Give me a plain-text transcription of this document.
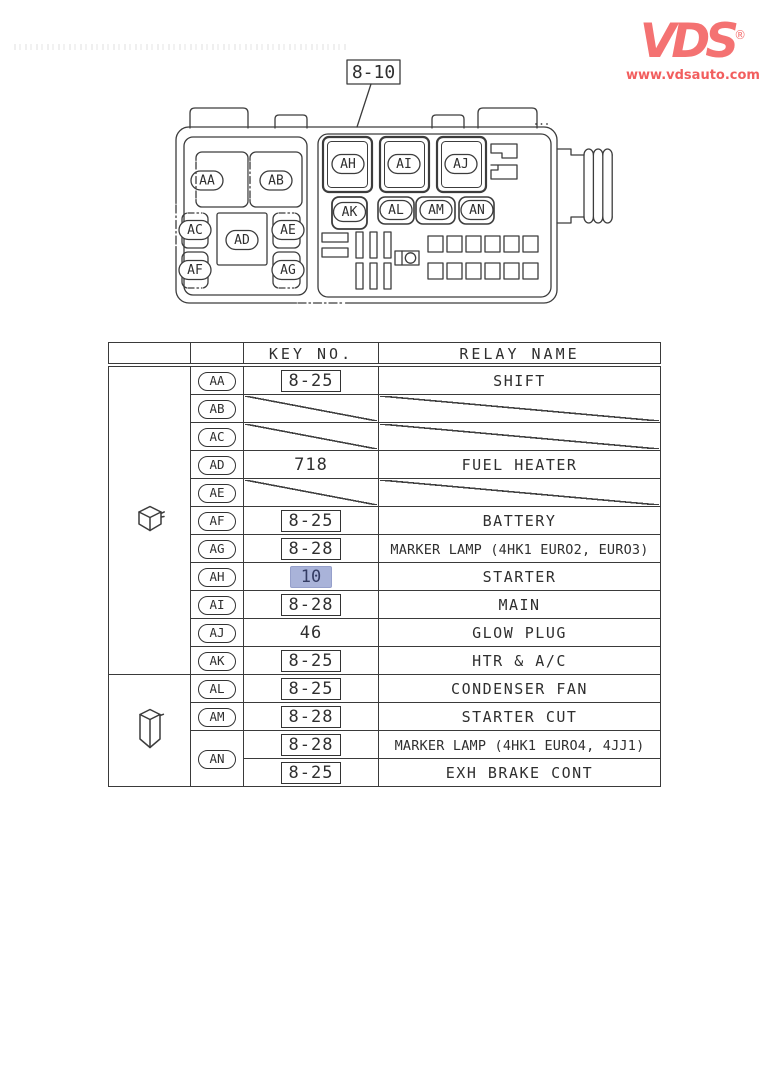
VDS®
www.vdsauto.com
AA	AB
AC
AF
AD
AE
AG
AH	AI	AJ
AK AL AM AN
8-10
		KEY NO.	RELAY NAME
	AA	8-25	SHIFT
	AB	

	AC	

	AD	718	FUEL HEATER
	AE	

	AF	8-25	BATTERY
	AG	8-28	MARKER LAMP (4HK1 EURO2, EURO3)
	AH	10	STARTER
	AI	8-28	MAIN
	AJ	46	GLOW PLUG
	AK	8-25	HTR & A/C
	AL	8-25	CONDENSER FAN
	AM	8-28	STARTER CUT
	AN	8-28	MARKER LAMP (4HK1 EURO4, 4JJ1)
		8-25	EXH BRAKE CONT
